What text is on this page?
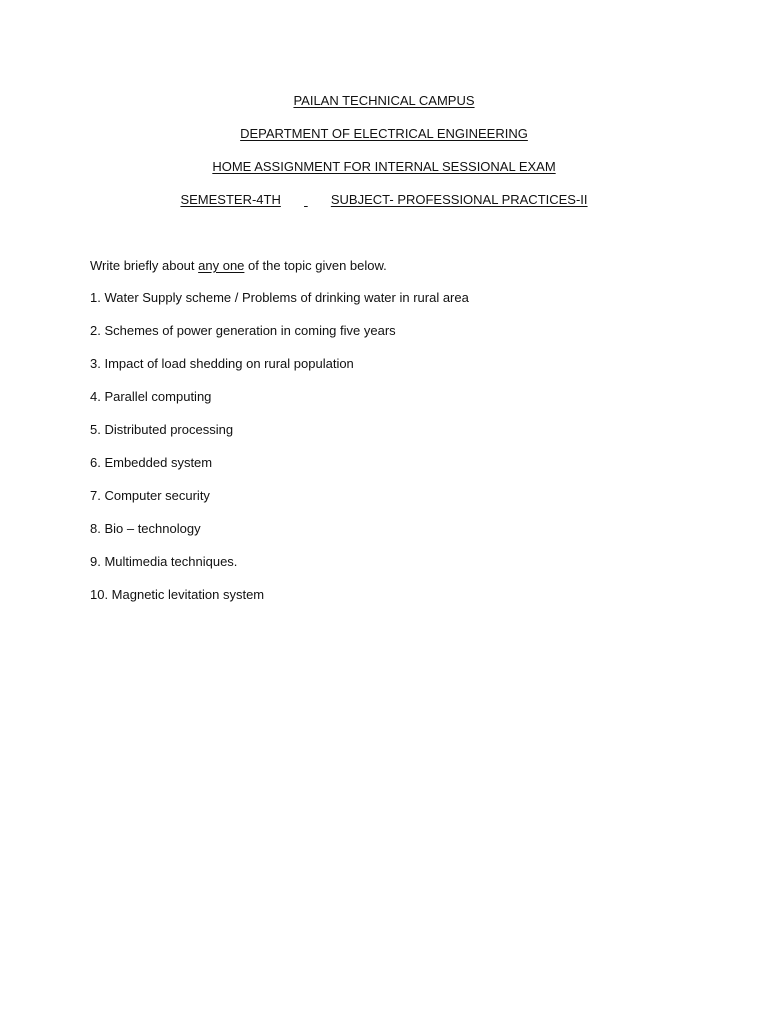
PAILAN TECHNICAL CAMPUS
DEPARTMENT OF ELECTRICAL ENGINEERING
HOME ASSIGNMENT FOR INTERNAL SESSIONAL EXAM
SEMESTER-4TH	SUBJECT- PROFESSIONAL PRACTICES-II
Write briefly about any one of the topic given below.
1. Water Supply scheme / Problems of drinking water in rural area
2. Schemes of power generation in coming five years
3. Impact of load shedding on rural population
4. Parallel computing
5. Distributed processing
6. Embedded system
7. Computer security
8. Bio – technology
9. Multimedia techniques.
10. Magnetic levitation system
